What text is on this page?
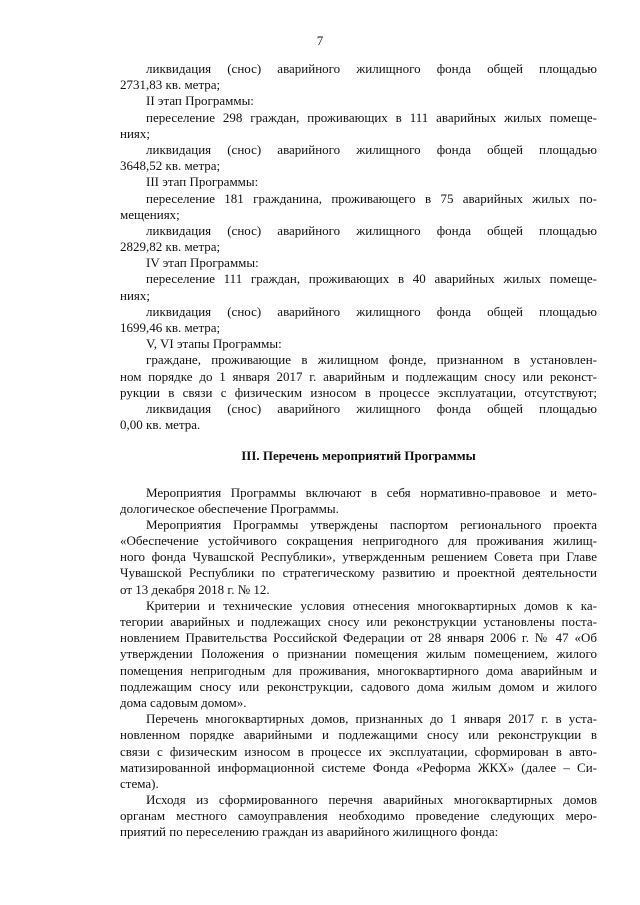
7
ликвидация (снос) аварийного жилищного фонда общей площадью
2731,83 кв. метра;
II этап Программы:
переселение 298 граждан, проживающих в 111 аварийных жилых помеще-
ниях;
ликвидация (снос) аварийного жилищного фонда общей площадью
3648,52 кв. метра;
III этап Программы:
переселение 181 гражданина, проживающего в 75 аварийных жилых по-
мещениях;
ликвидация (снос) аварийного жилищного фонда общей площадью
2829,82 кв. метра;
IV этап Программы:
переселение 111 граждан, проживающих в 40 аварийных жилых помеще-
ниях;
ликвидация (снос) аварийного жилищного фонда общей площадью
1699,46 кв. метра;
V, VI этапы Программы:
граждане, проживающие в жилищном фонде, признанном в установлен-
ном порядке до 1 января 2017 г. аварийным и подлежащим сносу или реконст-
рукции в связи с физическим износом в процессе эксплуатации, отсутствуют;
ликвидация (снос) аварийного жилищного фонда общей площадью
0,00 кв. метра.
III. Перечень мероприятий Программы
Мероприятия Программы включают в себя нормативно-правовое и мето-
дологическое обеспечение Программы.
Мероприятия Программы утверждены паспортом регионального проекта
«Обеспечение устойчивого сокращения непригодного для проживания жилищ-
ного фонда Чувашской Республики», утвержденным решением Совета при Главе
Чувашской Республики по стратегическому развитию и проектной деятельности
от 13 декабря 2018 г. № 12.
Критерии и технические условия отнесения многоквартирных домов к ка-
тегории аварийных и подлежащих сносу или реконструкции установлены поста-
новлением Правительства Российской Федерации от 28 января 2006 г. № 47 «Об
утверждении Положения о признании помещения жилым помещением, жилого
помещения непригодным для проживания, многоквартирного дома аварийным и
подлежащим сносу или реконструкции, садового дома жилым домом и жилого
дома садовым домом».
Перечень многоквартирных домов, признанных до 1 января 2017 г. в уста-
новленном порядке аварийными и подлежащими сносу или реконструкции в
связи с физическим износом в процессе их эксплуатации, сформирован в авто-
матизированной информационной системе Фонда «Реформа ЖКХ» (далее – Си-
стема).
Исходя из сформированного перечня аварийных многоквартирных домов
органам местного самоуправления необходимо проведение следующих меро-
приятий по переселению граждан из аварийного жилищного фонда:
